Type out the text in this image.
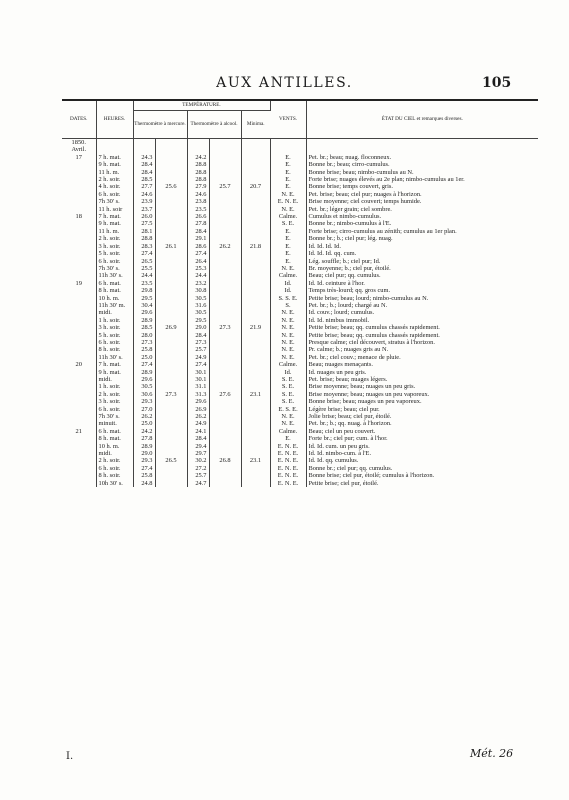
AUX ANTILLES.	105
DATES.	HEURES.	TEMPÉRATURE.					VENTS.	ÉTAT DU CIEL et remarques diverses.
		Thermomètre à mercure.		Thermomètre à alcool.		Minima.		
1850.								
Avril.								
17	7 h. mat.	24.3		24.2			E.	Pet. br.; beau; nuag. floconneux.
	9 h. mat.	28.4		28.8			E.	Bonne br.; beau; cirro-cumulus.
	11 h. m.	28.4		28.8			E.	Bonne brise; beau; nimbo-cumulus au N.
	2 h. soir.	28.5		28.8			E.	Forte brise; nuages élevés au 2e plan; nimbo-cumulus au 1er.
	4 h. soir.	27.7	25.6	27.9	25.7	20.7	E.	Bonne brise; temps couvert, gris.
	6 h. soir.	24.6		24.6			N. E.	Pet. brise; beau; ciel pur; nuages à l'horizon.
	7h 30' s.	23.9		23.8			E. N. E.	Brise moyenne; ciel couvert; temps humide.
	11 h. soir	23.7		23.5			N. E.	Pet. br.; léger grain; ciel sombre.
18	7 h. mat.	26.0		26.6			Calme.	Cumulus et nimbo-cumulus.
	9 h. mat.	27.5		27.8			S. E.	Bonne br.; nimbo-cumulus à l'E.
	11 h. m.	28.1		28.4			E.	Forte brise; cirro-cumulus au zénith; cumulus au 1er plan.
	2 h. soir.	28.8		29.1			E.	Bonne br.; b.; ciel pur; lég. nuag.
	3 h. soir.	28.3	26.1	28.6	26.2	21.8	E.	Id. Id. Id. Id.
	5 h. soir.	27.4		27.4			E.	Id. Id. Id. qq. cum.
	6 h. soir.	26.5		26.4			E.	Lég. souffle; b.; ciel pur; Id.
	7h 30' s.	25.5		25.3			N. E.	Br. moyenne; b.; ciel pur, étoilé.
	11h 30' s.	24.4		24.4			Calme.	Beau; ciel pur; qq. cumulus.
19	6 h. mat.	23.5		23.2			Id.	Id. Id. ceinture à l'hor.
	8 h. mat.	29.8		30.8			Id.	Temps très-lourd; qq. gros cum.
	10 h. m.	29.5		30.5			S. S. E.	Petite brise; beau; lourd; nimbo-cumulus au N.
	11h 30' m.	30.4		31.6			S.	Pet. br.; b.; lourd; chargé au N.
	midi.	29.6		30.5			N. E.	Id. couv.; lourd; cumulus.
	1 h. soir.	28.9		29.5			N. E.	Id. Id. nimbus immobil.
	3 h. soir.	28.5	26.9	29.0	27.3	21.9	N. E.	Petite brise; beau; qq. cumulus chassés rapidement.
	5 h. soir.	28.0		28.4			N. E.	Petite brise; beau; qq. cumulus chassés rapidement.
	6 h. soir.	27.3		27.3			N. E.	Presque calme; ciel découvert, stratus à l'horizon.
	8 h. soir.	25.8		25.7			N. E.	Pr. calme; b.; nuages gris au N.
	11h 30' s.	25.0		24.9			N. E.	Pet. br.; ciel couv.; menace de pluie.
20	7 h. mat.	27.4		27.4			Calme.	Beau; nuages menaçants.
	9 h. mat.	28.9		30.1			Id.	Id. nuages un peu gris.
	midi.	29.6		30.1			S. E.	Pet. brise; beau; nuages légers.
	1 h. soir.	30.5		31.1			S. E.	Brise moyenne; beau; nuages un peu gris.
	2 h. soir.	30.6	27.3	31.3	27.6	23.1	S. E.	Brise moyenne; beau; nuages un peu vaporeux.
	3 h. soir.	29.3		29.6			S. E.	Bonne brise; beau; nuages un peu vaporeux.
	6 h. soir.	27.0		26.9			E. S. E.	Légère brise; beau; ciel pur.
	7h 30' s.	26.2		26.2			N. E.	Jolie brise; beau; ciel pur, étoilé.
	minuit.	25.0		24.9			N. E.	Pet. br.; b.; qq. nuag. à l'horizon.
21	6 h. mat.	24.2		24.1			Calme.	Beau; ciel un peu couvert.
	8 h. mat.	27.8		28.4			E.	Forte br.; ciel pur; cum. à l'hor.
	10 h. m.	28.9		29.4			E. N. E.	Id. Id. cum. un peu gris.
	midi.	29.0		29.7			E. N. E.	Id. Id. nimbo-cum. à l'E.
	2 h. soir.	29.3	26.5	30.2	26.8	23.1	E. N. E.	Id. Id. qq. cumulus.
	6 h. soir.	27.4		27.2			E. N. E.	Bonne br.; ciel pur; qq. cumulus.
	8 h. soir.	25.8		25.7			E. N. E.	Bonne brise; ciel pur, étoilé; cumulus à l'horizon.
	10h 30' s.	24.8		24.7			E. N. E.	Petite brise; ciel pur, étoilé.
I.	Mét. 26
